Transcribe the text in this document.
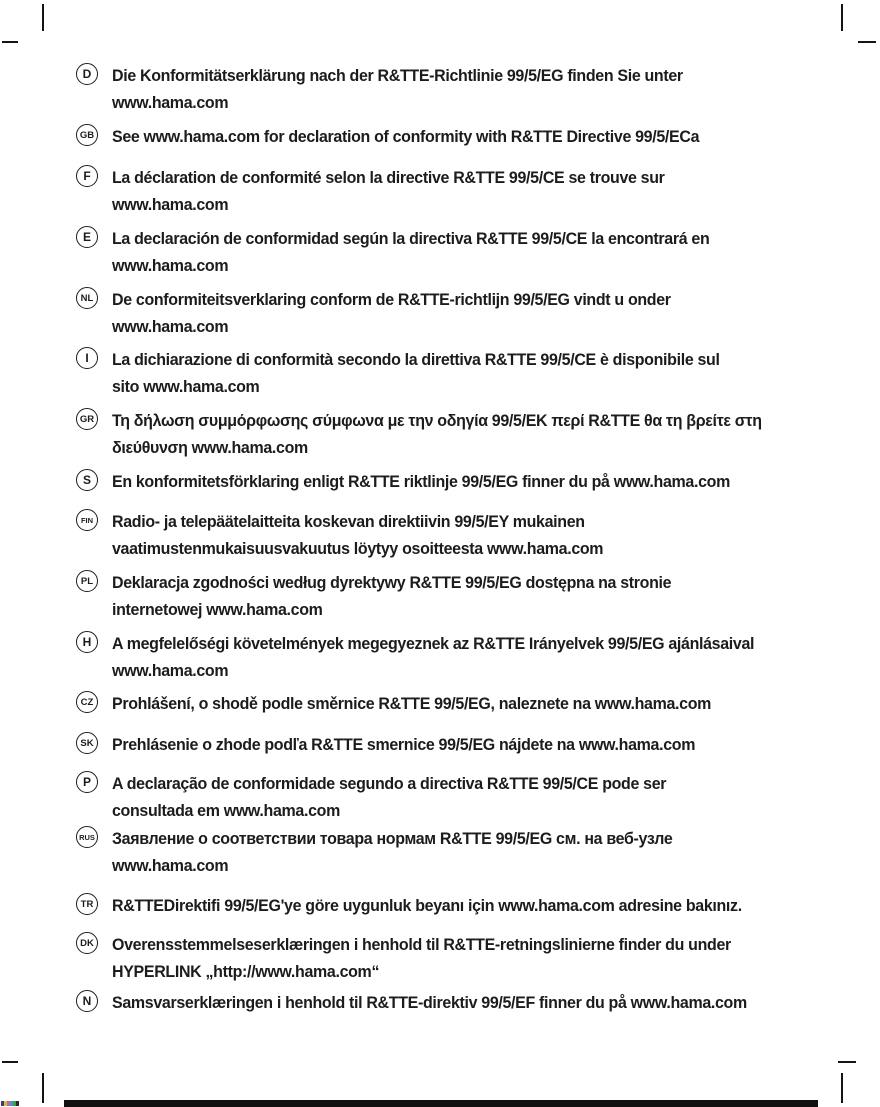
D	Die Konformitätserklärung nach der R&TTE-Richtlinie 99/5/EG finden Sie unter
www.hama.com
GB See www.hama.com for declaration of conformity with R&TTE Directive 99/5/ECa
F	La déclaration de conformité selon la directive R&TTE 99/5/CE se trouve sur
www.hama.com
E	La declaración de conformidad según la directiva R&TTE 99/5/CE la encontrará en
www.hama.com
NL De conformiteitsverklaring conform de R&TTE-richtlijn 99/5/EG vindt u onder
www.hama.com
I	La dichiarazione di conformità secondo la direttiva R&TTE 99/5/CE è disponibile sul
sito www.hama.com
GR Τη δήλωση συμμόρφωσης σύμφωνα με την οδηγία 99/5/ΕΚ περί R&TTE θα τη βρείτε στη
διεύθυνση www.hama.com
S	En konformitetsförklaring enligt R&TTE riktlinje 99/5/EG finner du på www.hama.com
FIN Radio- ja telepäätelaitteita koskevan direktiivin 99/5/EY mukainen
vaatimustenmukaisuusvakuutus löytyy osoitteesta www.hama.com
PL Deklaracja zgodności według dyrektywy R&TTE 99/5/EG dostępna na stronie
internetowej www.hama.com
H	A megfelelőségi követelmények megegyeznek az R&TTE Irányelvek 99/5/EG ajánlásaival
www.hama.com
CZ Prohlášení, o shodě podle směrnice R&TTE 99/5/EG, naleznete na www.hama.com
SK Prehlásenie o zhode podľa R&TTE smernice 99/5/EG nájdete na www.hama.com
P	A declaração de conformidade segundo a directiva R&TTE 99/5/CE pode ser
consultada em www.hama.com
RUS Заявление о соответствии товара нормам R&TTE 99/5/EG см. на веб-узле
www.hama.com
TR R&TTEDirektifi 99/5/EG'ye göre uygunluk beyanı için www.hama.com adresine bakınız.
DK Overensstemmelseserklæringen i henhold til R&TTE-retningslinierne finder du under
HYPERLINK „http://www.hama.com“
N	Samsvarserklæringen i henhold til R&TTE-direktiv 99/5/EF finner du på www.hama.com
